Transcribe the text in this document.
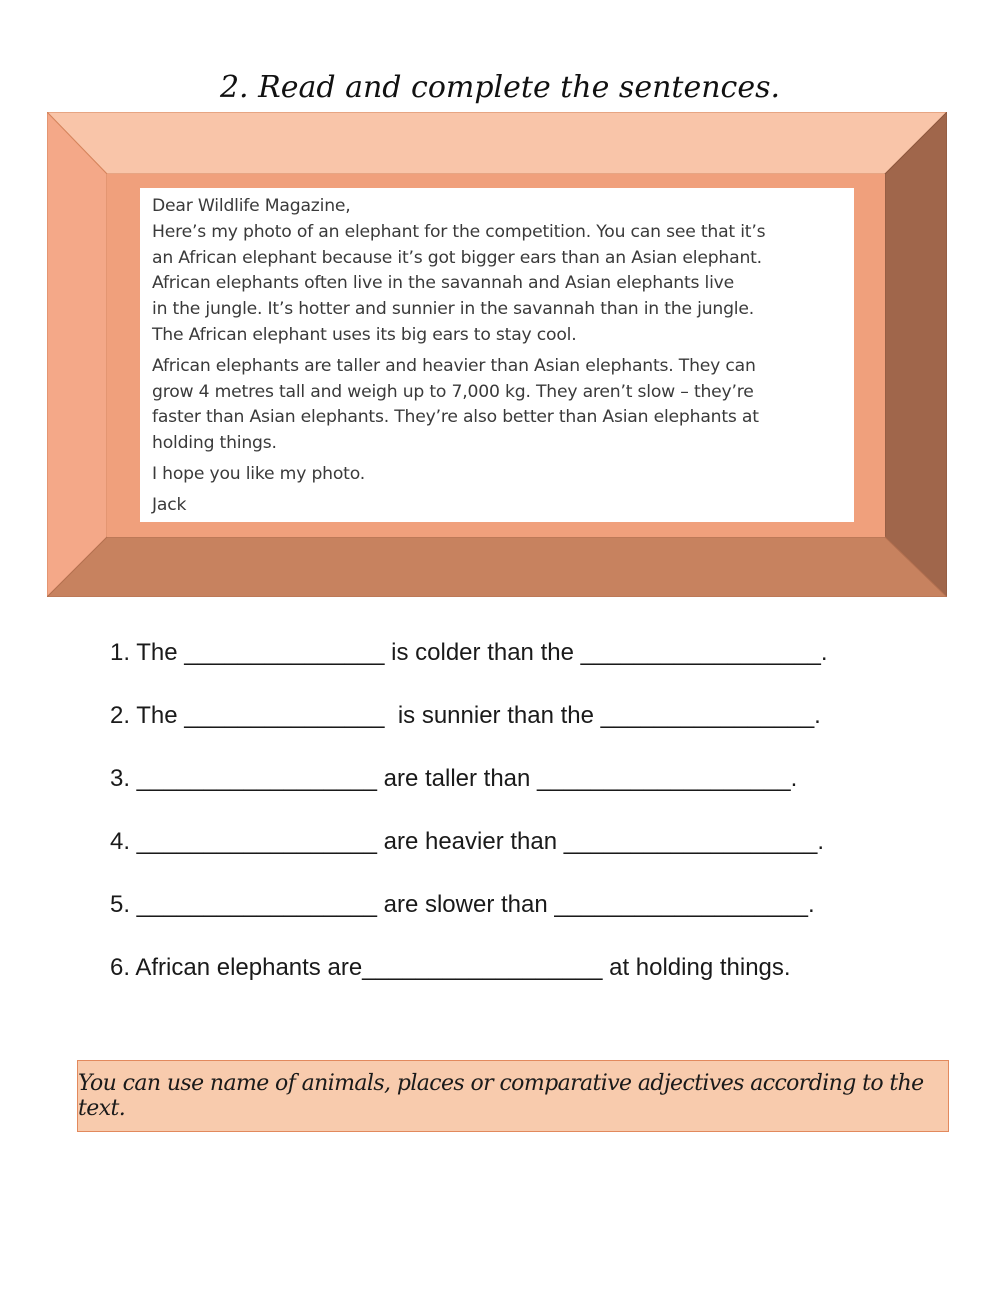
2. Read and complete the sentences.

Dear Wildlife Magazine,
Here’s my photo of an elephant for the competition. You can see that it’s
an African elephant because it’s got bigger ears than an Asian elephant.
African elephants often live in the savannah and Asian elephants live
in the jungle. It’s hotter and sunnier in the savannah than in the jungle.
The African elephant uses its big ears to stay cool.

African elephants are taller and heavier than Asian elephants. They can
grow 4 metres tall and weigh up to 7,000 kg. They aren’t slow – they’re
faster than Asian elephants. They’re also better than Asian elephants at
holding things.

I hope you like my photo.

Jack

1. The _______________ is colder than the __________________.
2. The _______________  is sunnier than the ________________.
3. __________________ are taller than ___________________.
4. __________________ are heavier than ___________________.
5. __________________ are slower than ___________________.
6. African elephants are__________________ at holding things.
You can use name of animals, places or comparative adjectives according to the text.
